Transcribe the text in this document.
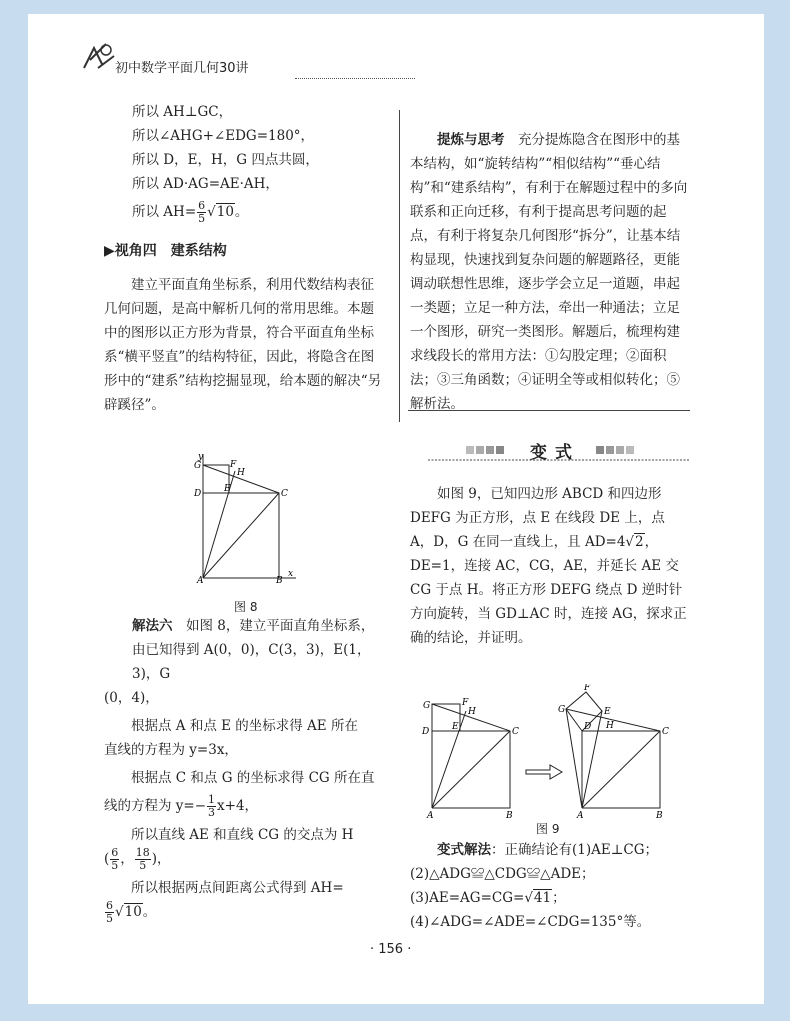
初中数学平面几何30讲

所以 AH⊥GC，

所以∠AHG+∠EDG=180°，

所以 D，E，H，G 四点共圆，

所以 AD·AG=AE·AH，

所以 $AH= \frac{6}{5} √10$。

▶视角四　建系结构

建立平面直角坐标系，利用代数结构表征几何问题，是高中解析几何的常用思维。本题中的图形以正方形为背景，符合平面直角坐标系“横平竖直”的结构特征，因此，将隐含在图形中的“建系”结构挖掘显现，给本题的解决“另辟蹊径”。

y
x
G	F
H
D	E	C
A	B
图 8

解法六　 如图 8，建立平面直角坐标系，

由已知得到 A(0，0)，C(3，3)，E(1，3)，G

(0，4)，

根据点 A 和点 E 的坐标求得 AE 所在

直线的方程为 y=3x，

根据点 C 和点 G 的坐标求得 CG 所在直

线的方程为 $y=- \frac{1}{3} x+4$，

所以直线 AE 和直线 CG 的交点为 H

( $\frac{6}{5}$ ， $\frac{18}{5}$ )，

所以根据两点间距离公式得到 AH=

$\frac{6}{5} √10$。

提炼与思考　 充分提炼隐含在图形中的基本结构，如“旋转结构”“相似结构”“垂心结构”和“建系结构”，有利于在解题过程中的多向联系和正向迁移，有利于提高思考问题的起点，有利于将复杂几何图形“拆分”，让基本结构显现，快速找到复杂问题的解题路径，更能调动联想性思维，逐步学会立足一道题，串起一类题；立足一种方法，牵出一种通法；立足一个图形，研究一类图形。解题后，梳理构建求线段长的常用方法：①勾股定理；②面积法；③三角函数；④证明全等或相似转化；⑤解析法。

变式

如图 9，已知四边形 ABCD 和四边形 DEFG 为正方形，点 E 在线段 DE 上，点 A，D，G 在同一直线上，且 AD=4√2，DE=1，连接 AC，CG，AE，并延长 AE 交 CG 于点 H。将正方形 DEFG 绕点 D 逆时针方向旋转，当 GD⊥AC 时，连接 AG，探求正确的结论，并证明。

G	F
H
D	E	C
A	B
F
G	E
H
D	C
A	B
图 9

变式解法：正确结论有(1)AE⊥CG；(2)△ADG≌△CDG≌△ADE；(3)AE=AG=CG=√41；(4)∠ADG=∠ADE=∠CDG=135°等。

· 156 ·
